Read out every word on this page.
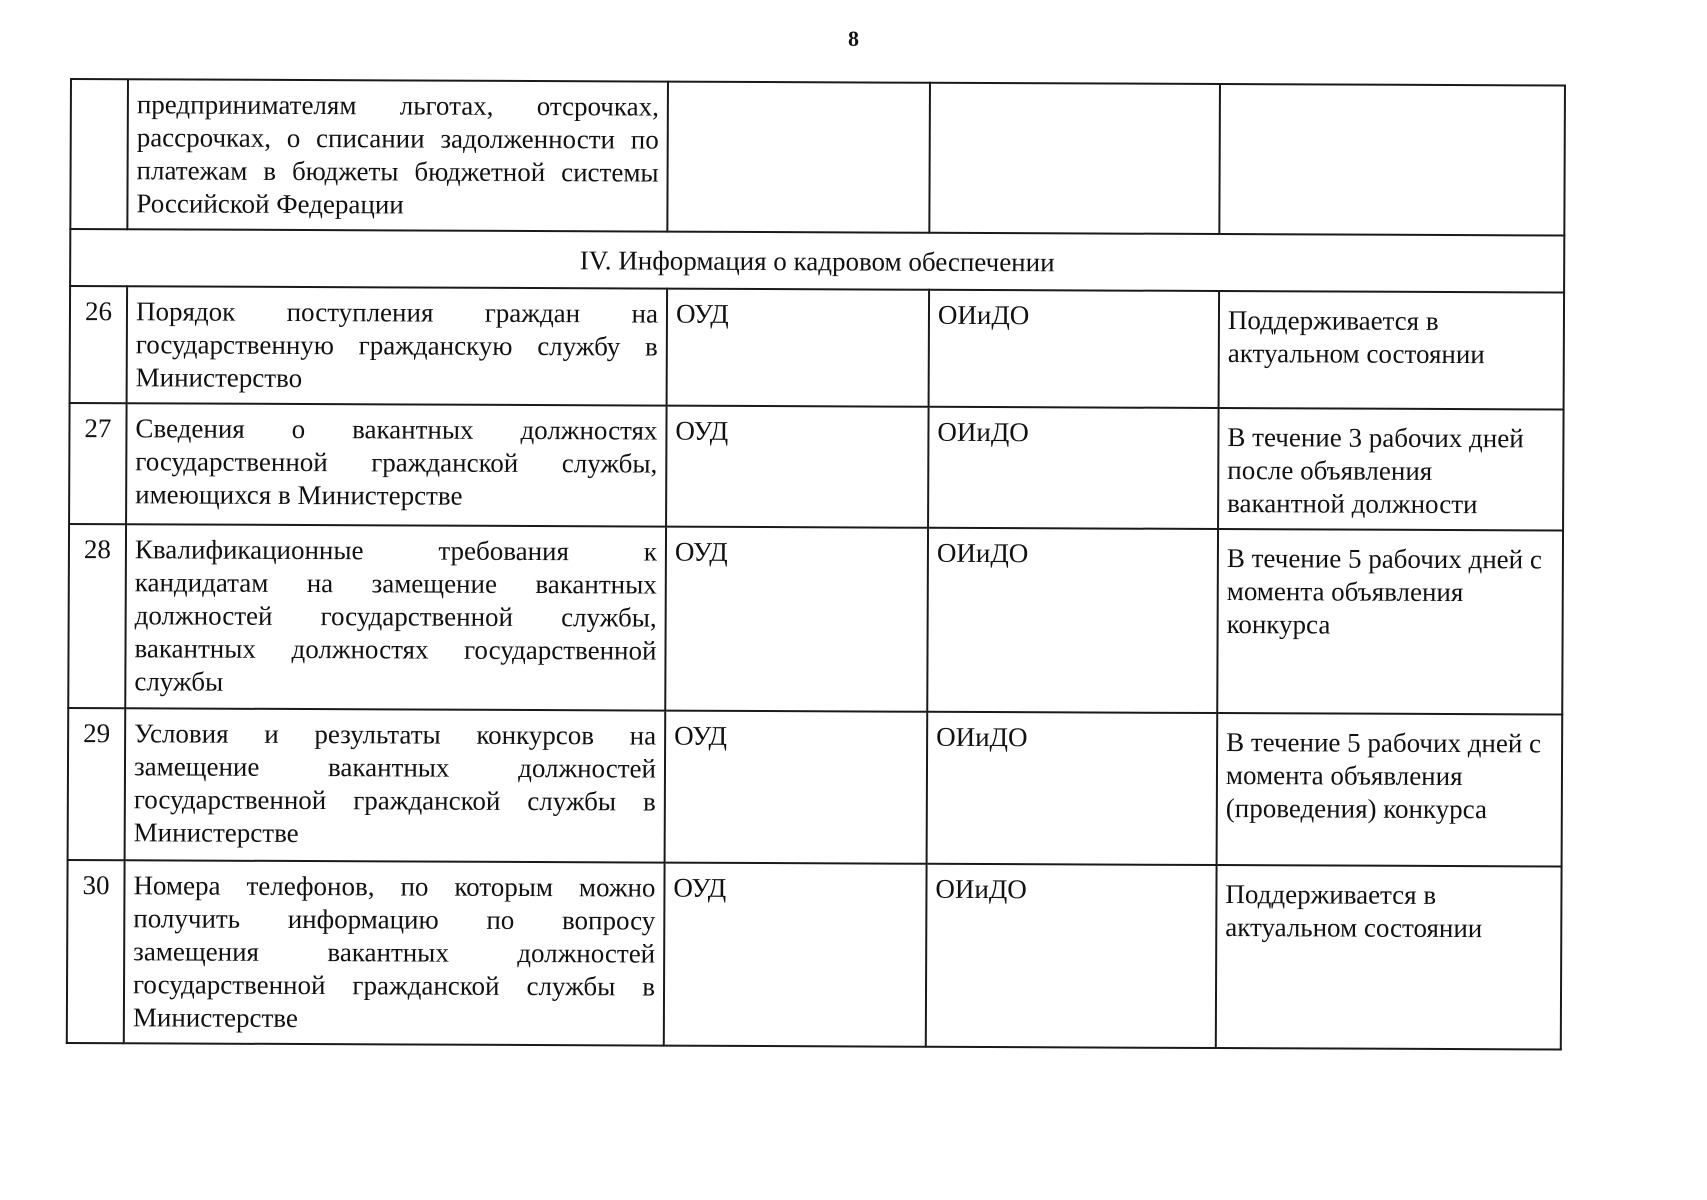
8
	предпринимателям льготах, отсрочках, рассрочках, о списании задолженности по платежам в бюджеты бюджетной системы Российской Федерации			
IV. Информация о кадровом обеспечении				
26	Порядок поступления граждан на государственную гражданскую службу в Министерство	ОУД	ОИиДО	Поддерживается в актуальном состоянии
27	Сведения о вакантных должностях государственной гражданской службы, имеющихся в Министерстве	ОУД	ОИиДО	В течение 3 рабочих дней после объявления вакантной должности
28	Квалификационные требования к кандидатам на замещение вакантных должностей государственной службы, вакантных должностях государственной службы	ОУД	ОИиДО	В течение 5 рабочих дней с момента объявления конкурса
29	Условия и результаты конкурсов на замещение вакантных должностей государственной гражданской службы в Министерстве	ОУД	ОИиДО	В течение 5 рабочих дней с момента объявления (проведения) конкурса
30	Номера телефонов, по которым можно получить информацию по вопросу замещения вакантных должностей государственной гражданской службы в Министерстве	ОУД	ОИиДО	Поддерживается в актуальном состоянии
